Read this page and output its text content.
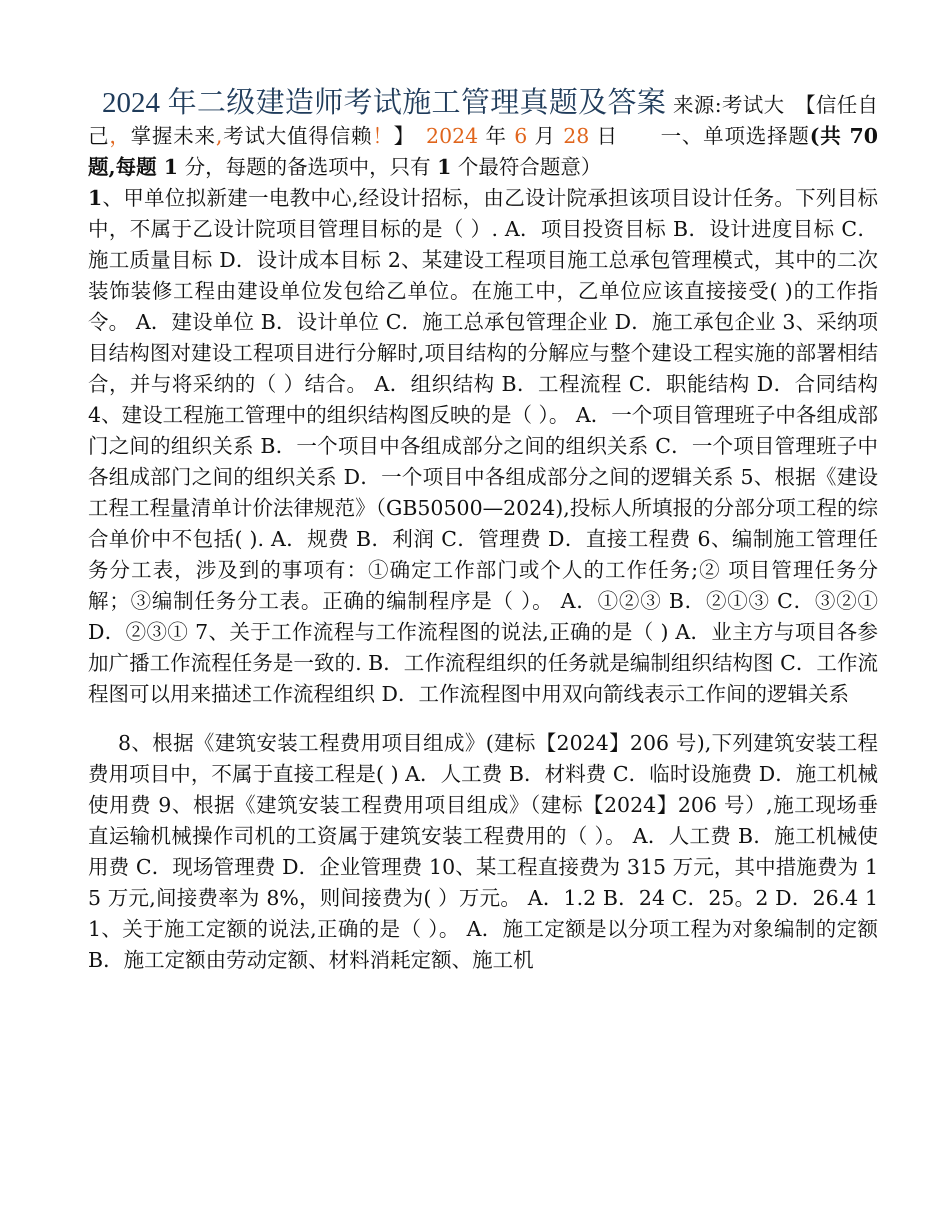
2024 年二级建造师考试施工管理真题及答案 来源:考试大　 【信任自己，掌握未来,考试大值得信赖！】　 2024 年 6 月 28 日　　 一、单项选择题(共 70 题,每题 1 分，每题的备选项中，只有 1 个最符合题意）
1、甲单位拟新建一电教中心,经设计招标，由乙设计院承担该项目设计任务。下列目标中，不属于乙设计院项目管理目标的是（ ）. A．项目投资目标 B．设计进度目标 C．施工质量目标 D．设计成本目标 2、某建设工程项目施工总承包管理模式，其中的二次装饰装修工程由建设单位发包给乙单位。在施工中，乙单位应该直接接受( )的工作指令。 A．建设单位 B．设计单位 C．施工总承包管理企业 D．施工承包企业 3、采纳项目结构图对建设工程项目进行分解时,项目结构的分解应与整个建设工程实施的部署相结合，并与将采纳的（ ）结合。 A．组织结构 B．工程流程 C．职能结构 D．合同结构 4、建设工程施工管理中的组织结构图反映的是（ ）。 A．一个项目管理班子中各组成部门之间的组织关系 B．一个项目中各组成部分之间的组织关系 C．一个项目管理班子中各组成部门之间的组织关系 D．一个项目中各组成部分之间的逻辑关系 5、根据《建设工程工程量清单计价法律规范》（GB50500—2024),投标人所填报的分部分项工程的综合单价中不包括( ). A．规费 B．利润 C．管理费 D．直接工程费 6、编制施工管理任务分工表，涉及到的事项有：①确定工作部门或个人的工作任务;② 项目管理任务分解；③编制任务分工表。正确的编制程序是（ ）。 A．①②③ B．②①③ C．③②① D．②③① 7、关于工作流程与工作流程图的说法,正确的是（ ) A．业主方与项目各参加广播工作流程任务是一致的. B．工作流程组织的任务就是编制组织结构图 C．工作流程图可以用来描述工作流程组织 D．工作流程图中用双向箭线表示工作间的逻辑关系

8、根据《建筑安装工程费用项目组成》(建标【2024】206 号),下列建筑安装工程费用项目中，不属于直接工程是( ) A．人工费 B．材料费 C．临时设施费 D．施工机械使用费 9、根据《建筑安装工程费用项目组成》（建标【2024】206 号）,施工现场垂直运输机械操作司机的工资属于建筑安装工程费用的（ ）。 A．人工费 B．施工机械使用费 C．现场管理费 D．企业管理费 10、某工程直接费为 315 万元，其中措施费为 15 万元,间接费率为 8%，则间接费为( ）万元。 A．1.2 B．24 C．25。2 D．26.4 11、关于施工定额的说法,正确的是（ ）。 A．施工定额是以分项工程为对象编制的定额 B．施工定额由劳动定额、材料消耗定额、施工机
